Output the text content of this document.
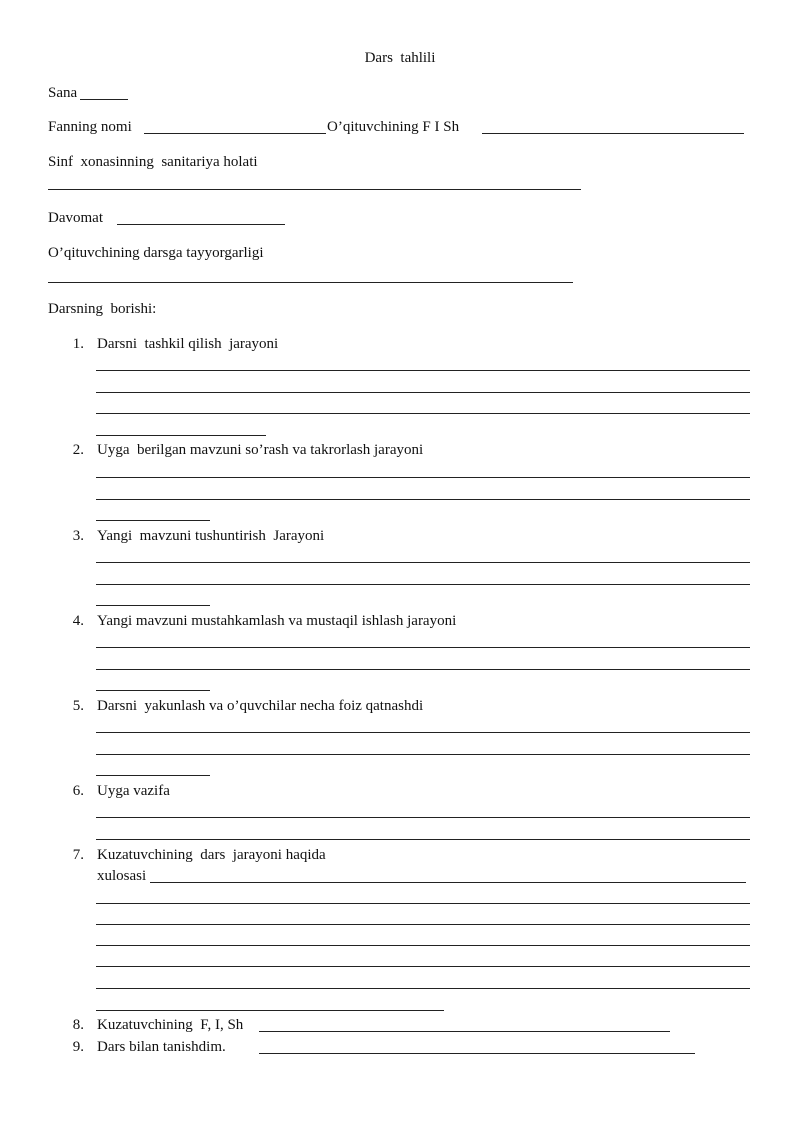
Dars  tahlili
Sana
Fanning nomi	O’qituvchining F I Sh
Sinf  xonasinning  sanitariya holati
Davomat
O’qituvchining darsga tayyorgarligi
Darsning  borishi:
1. Darsni  tashkil qilish  jarayoni
2. Uyga  berilgan mavzuni so’rash va takrorlash jarayoni
3. Yangi  mavzuni tushuntirish  Jarayoni
4. Yangi mavzuni mustahkamlash va mustaqil ishlash jarayoni
5. Darsni  yakunlash va o’quvchilar necha foiz qatnashdi
6. Uyga vazifa
7. Kuzatuvchining  dars  jarayoni haqida
xulosasi
8. Kuzatuvchining  F, I, Sh
9. Dars bilan tanishdim.
